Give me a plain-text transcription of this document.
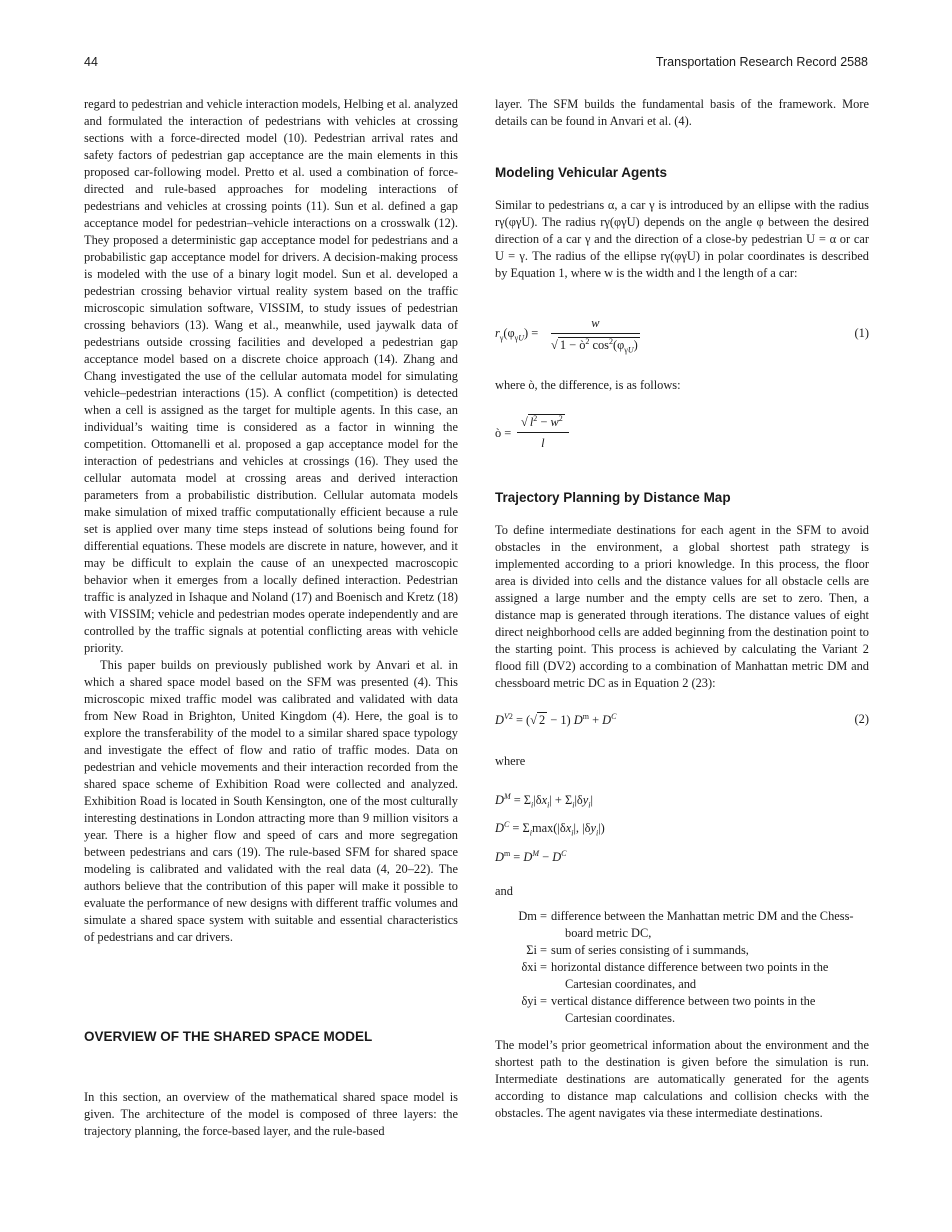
44	Transportation Research Record 2588

regard to pedestrian and vehicle interaction models, Helbing et al. analyzed and formulated the interaction of pedestrians with vehicles at crossing sections with a force-directed model (10). Pedestrian arrival rates and safety factors of pedestrian gap acceptance are the main elements in this proposed car-following model. Pretto et al. used a combination of force-directed and rule-based approaches for modeling interactions of pedestrians and vehicles at crossing points (11). Sun et al. defined a gap acceptance model for pedestrian–vehicle interactions on a crosswalk (12). They proposed a deterministic gap acceptance model for pedestrians and a probabilistic gap acceptance model for drivers. A decision-making process is modeled with the use of a binary logit model. Sun et al. developed a pedestrian crossing behavior virtual reality system based on the traffic microscopic simulation software, VISSIM, to study issues of pedestrian crossing behaviors (13). Wang et al., meanwhile, used jaywalk data of pedestrians outside crossing facilities and developed a pedestrian gap acceptance model based on a discrete choice approach (14). Zhang and Chang investigated the use of the cellular automata model for simulating vehicle–pedestrian interactions (15). A conflict (competition) is detected when a cell is assigned as the target for multiple agents. In this case, an individual’s waiting time is considered as a factor in winning the competition. Ottomanelli et al. proposed a gap acceptance model for the interaction of pedestrians and vehicles at crossings (16). They used the cellular automata model at crossing areas and derived interaction parameters from a probabilistic distribution. Cellular automata models make simulation of mixed traffic computationally efficient because a rule set is applied over many time steps instead of solutions being found for differential equations. These models are discrete in nature, however, and it may be difficult to explain the cause of an unexpected macroscopic behavior when it emerges from a locally defined interaction. Pedestrian traffic is analyzed in Ishaque and Noland (17) and Boenisch and Kretz (18) with VISSIM; vehicle and pedestrian modes operate independently and are controlled by the traffic signals at potential conflicting areas with vehicle priority.

This paper builds on previously published work by Anvari et al. in which a shared space model based on the SFM was presented (4). This microscopic mixed traffic model was calibrated and validated with data from New Road in Brighton, United Kingdom (4). Here, the goal is to explore the transferability of the model to a similar shared space typology and investigate the effect of flow and ratio of traffic modes. Data on pedestrian and vehicle movements and their interaction recorded from the shared space scheme of Exhibition Road were collected and analyzed. Exhibition Road is located in South Kensington, one of the most culturally interesting destinations in London attracting more than 9 million visitors a year. There is a higher flow and speed of cars and more segregation between pedestrians and cars (19). The rule-based SFM for shared space modeling is calibrated and validated with the real data (4, 20–22). The authors believe that the contribution of this paper will make it possible to evaluate the performance of new designs with different traffic volumes and simulate a shared space system with suitable and essential characteristics of pedestrians and car drivers.

OVERVIEW OF THE SHARED SPACE MODEL

In this section, an overview of the mathematical shared space model is given. The architecture of the model is composed of three layers: the trajectory planning, the force-based layer, and the rule-based

layer. The SFM builds the fundamental basis of the framework. More details can be found in Anvari et al. (4).

Modeling Vehicular Agents

Similar to pedestrians α, a car γ is introduced by an ellipse with the radius rγ(φγU). The radius rγ(φγU) depends on the angle φ between the desired direction of a car γ and the direction of a close-by pedestrian U = α or car U = γ. The radius of the ellipse rγ(φγU) in polar coordinates is described by Equation 1, where w is the width and l the length of a car:

$r_\gamma(\varphi_{\gamma U})$ =
w
√ $1 - ò^2$ $\cos^2(\varphi_{\gamma U})$
(1)

where ò, the difference, is as follows:

ò = $\frac{√ l^2 - w^2}{l}$
Trajectory Planning by Distance Map

To define intermediate destinations for each agent in the SFM to avoid obstacles in the environment, a global shortest path strategy is implemented according to a priori knowledge. In this process, the floor area is divided into cells and the distance values for all obstacle cells are assigned a large number and the empty cells are set to zero. Then, a distance map is generated through iterations. The distance values of eight direct neighborhood cells are added beginning from the destination point to the starting point. This process is achieved by calculating the Variant 2 flood fill (DV2) according to a combination of Manhattan metric DM and chessboard metric DC as in Equation 2 (23):

$D^{V2}$ = (√ 2 − 1) $D^m + D^C$	(2)

where

$D^M = \Sigma_i|\delta x_i| + \Sigma_i|\delta y_i|$
$D^C = \Sigma_i\max(|\delta x_i|$, $|\delta y_i|$)
$D^m = D^M - D^C$

and

Dm = difference between the Manhattan metric DM and the Chess-
board metric DC,
Σi = sum of series consisting of i summands,
δxi = horizontal distance difference between two points in the
Cartesian coordinates, and
δyi = vertical distance difference between two points in the
Cartesian coordinates.

The model’s prior geometrical information about the environment and the shortest path to the destination is given before the simulation is run. Intermediate destinations are automatically generated for the agents according to distance map calculations and collision checks with the obstacles. The agent navigates via these intermediate destinations.
